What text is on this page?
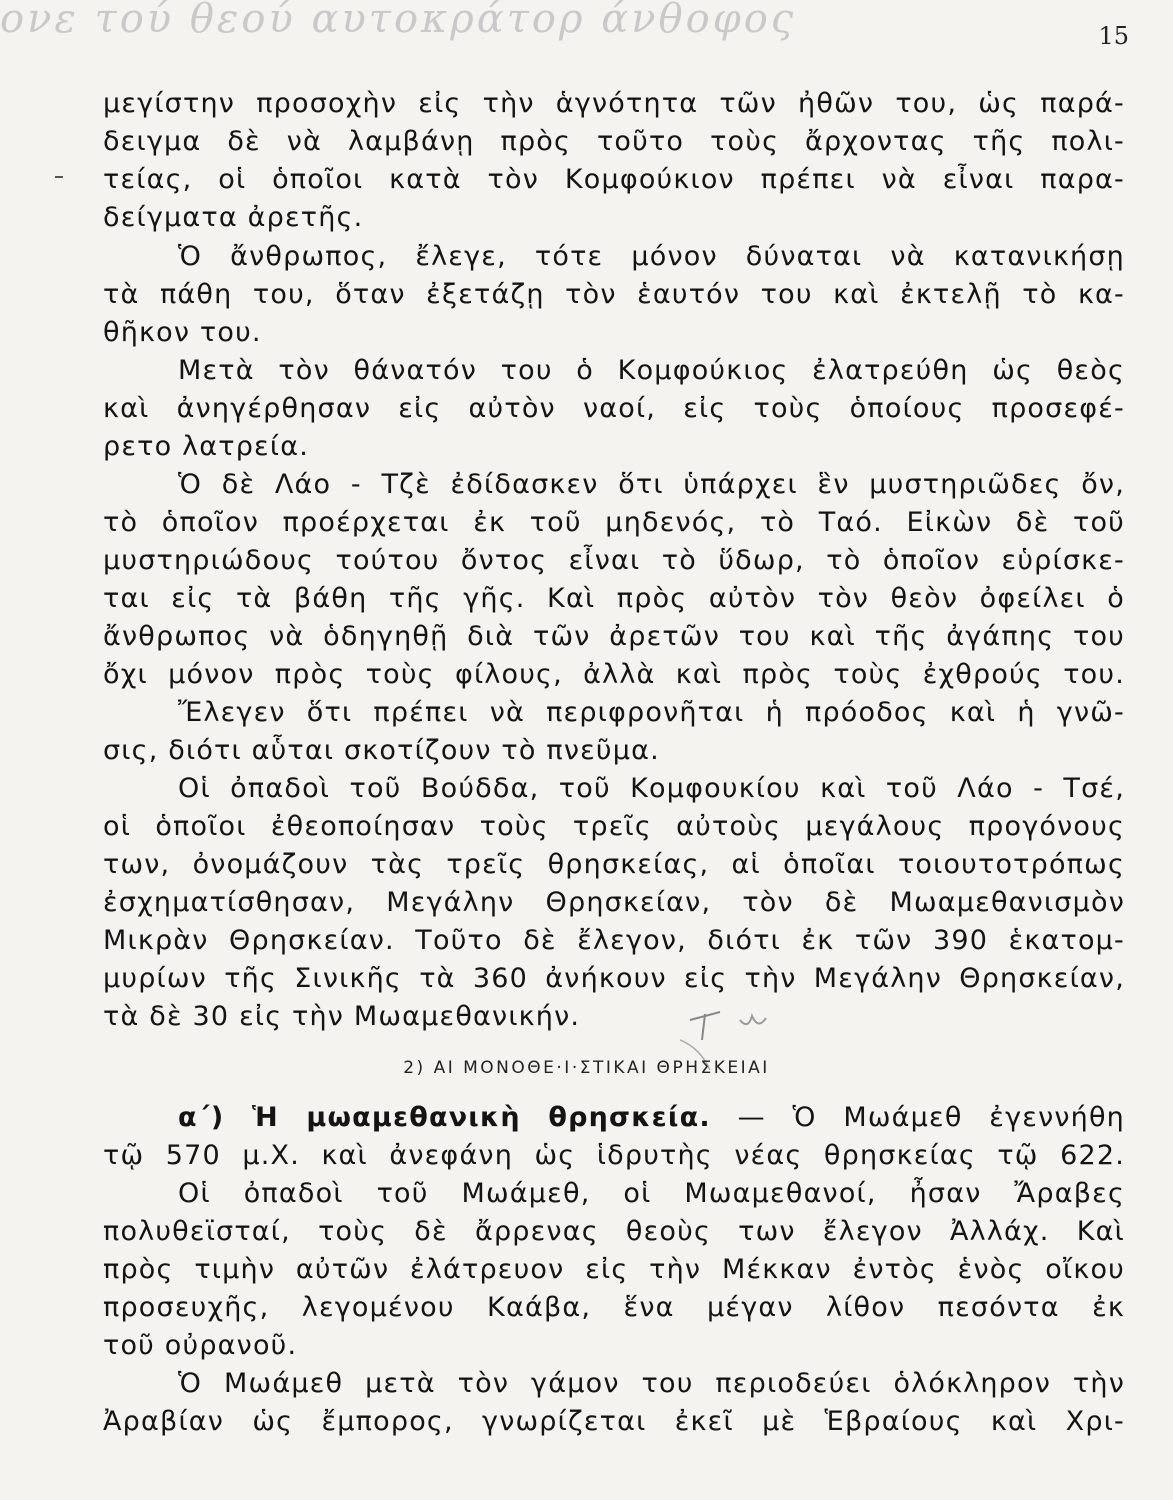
ονε τού θεού αυτοκράτορ άνθοφος	15
μεγίστην προσοχὴν εἰς τὴν ἁγνότητα τῶν ἠθῶν του, ὡς παρά-
δειγμα δὲ νὰ λαμβάνῃ πρὸς τοῦτο τοὺς ἄρχοντας τῆς πολι-
τείας, οἱ ὁποῖοι κατὰ τὸν Κομφούκιον πρέπει νὰ εἶναι παρα-
δείγματα ἀρετῆς.
Ὁ ἄνθρωπος, ἔλεγε, τότε μόνον δύναται νὰ κατανικήσῃ
τὰ πάθη του, ὅταν ἐξετάζῃ τὸν ἑαυτόν του καὶ ἐκτελῇ τὸ κα-
θῆκον του.
Μετὰ τὸν θάνατόν του ὁ Κομφούκιος ἐλατρεύθη ὡς θεὸς
καὶ ἀνηγέρθησαν εἰς αὐτὸν ναοί, εἰς τοὺς ὁποίους προσεφέ-
ρετο λατρεία.
Ὁ δὲ Λάο - Τζὲ ἐδίδασκεν ὅτι ὑπάρχει ἓν μυστηριῶδες ὄν,
τὸ ὁποῖον προέρχεται ἐκ τοῦ μηδενός, τὸ Ταό. Εἰκὼν δὲ τοῦ
μυστηριώδους τούτου ὄντος εἶναι τὸ ὕδωρ, τὸ ὁποῖον εὑρίσκε-
ται εἰς τὰ βάθη τῆς γῆς. Καὶ πρὸς αὐτὸν τὸν θεὸν ὀφείλει ὁ
ἄνθρωπος νὰ ὁδηγηθῇ διὰ τῶν ἀρετῶν του καὶ τῆς ἀγάπης του
ὄχι μόνον πρὸς τοὺς φίλους, ἀλλὰ καὶ πρὸς τοὺς ἐχθρούς του.
Ἔλεγεν ὅτι πρέπει νὰ περιφρονῆται ἡ πρόοδος καὶ ἡ γνῶ-
σις, διότι αὗται σκοτίζουν τὸ πνεῦμα.
Οἱ ὀπαδοὶ τοῦ Βούδδα, τοῦ Κομφουκίου καὶ τοῦ Λάο - Τσέ,
οἱ ὁποῖοι ἐθεοποίησαν τοὺς τρεῖς αὐτοὺς μεγάλους προγόνους
των, ὀνομάζουν τὰς τρεῖς θρησκείας, αἱ ὁποῖαι τοιουτοτρόπως
ἐσχηματίσθησαν, Μεγάλην Θρησκείαν, τὸν δὲ Μωαμεθανισμὸν
Μικρὰν Θρησκείαν. Τοῦτο δὲ ἔλεγον, διότι ἐκ τῶν 390 ἑκατομ-
μυρίων τῆς Σινικῆς τὰ 360 ἀνήκουν εἰς τὴν Μεγάλην Θρησκείαν,
τὰ δὲ 30 εἰς τὴν Μωαμεθανικήν.
2) ΑΙ ΜΟΝΟΘΕ·Ι·ΣΤΙΚΑΙ ΘΡΗΣΚΕΙΑΙ
α΄) Ἡ μωαμεθανικὴ θρησκεία. — Ὁ Μωάμεθ ἐγεννήθη
τῷ 570 μ.Χ. καὶ ἀνεφάνη ὡς ἱδρυτὴς νέας θρησκείας τῷ 622.
Οἱ ὀπαδοὶ τοῦ Μωάμεθ, οἱ Μωαμεθανοί, ἦσαν Ἄραβες
πολυθεϊσταί, τοὺς δὲ ἄρρενας θεοὺς των ἔλεγον Ἀλλάχ. Καὶ
πρὸς τιμὴν αὐτῶν ἐλάτρευον εἰς τὴν Μέκκαν ἐντὸς ἑνὸς οἴκου
προσευχῆς, λεγομένου Καάβα, ἕνα μέγαν λίθον πεσόντα ἐκ
τοῦ οὐρανοῦ.
Ὁ Μωάμεθ μετὰ τὸν γάμον του περιοδεύει ὁλόκληρον τὴν
Ἀραβίαν ὡς ἔμπορος, γνωρίζεται ἐκεῖ μὲ Ἑβραίους καὶ Χρι-
